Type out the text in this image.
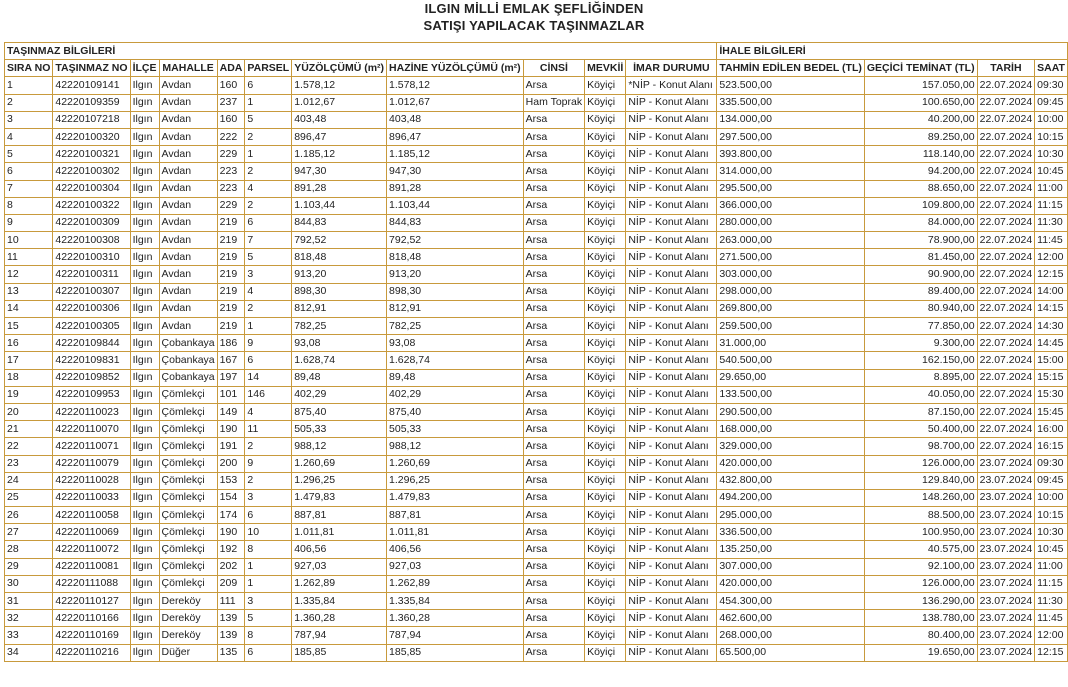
ILGIN MİLLİ EMLAK ŞEFLİĞİNDEN
SATIŞI YAPILACAK TAŞINMAZLAR
TAŞINMAZ BİLGİLERİ											İHALE BİLGİLERİ			
SIRA NO	TAŞINMAZ NO	İLÇE	MAHALLE	ADA	PARSEL	YÜZÖLÇÜMÜ (m²)	HAZİNE YÜZÖLÇÜMÜ (m²)	CİNSİ	MEVKİİ	İMAR DURUMU	TAHMİN EDİLEN BEDEL (TL)	GEÇİCİ TEMİNAT (TL)	TARİH	SAAT
1	42220109141	Ilgın	Avdan	160	6	1.578,12	1.578,12	Arsa	Köyiçi	*NİP - Konut Alanı	523.500,00	157.050,00	22.07.2024	09:30
2	42220109359	Ilgın	Avdan	237	1	1.012,67	1.012,67	Ham Toprak	Köyiçi	NİP - Konut Alanı	335.500,00	100.650,00	22.07.2024	09:45
3	42220107218	Ilgın	Avdan	160	5	403,48	403,48	Arsa	Köyiçi	NİP - Konut Alanı	134.000,00	40.200,00	22.07.2024	10:00
4	42220100320	Ilgın	Avdan	222	2	896,47	896,47	Arsa	Köyiçi	NİP - Konut Alanı	297.500,00	89.250,00	22.07.2024	10:15
5	42220100321	Ilgın	Avdan	229	1	1.185,12	1.185,12	Arsa	Köyiçi	NİP - Konut Alanı	393.800,00	118.140,00	22.07.2024	10:30
6	42220100302	Ilgın	Avdan	223	2	947,30	947,30	Arsa	Köyiçi	NİP - Konut Alanı	314.000,00	94.200,00	22.07.2024	10:45
7	42220100304	Ilgın	Avdan	223	4	891,28	891,28	Arsa	Köyiçi	NİP - Konut Alanı	295.500,00	88.650,00	22.07.2024	11:00
8	42220100322	Ilgın	Avdan	229	2	1.103,44	1.103,44	Arsa	Köyiçi	NİP - Konut Alanı	366.000,00	109.800,00	22.07.2024	11:15
9	42220100309	Ilgın	Avdan	219	6	844,83	844,83	Arsa	Köyiçi	NİP - Konut Alanı	280.000,00	84.000,00	22.07.2024	11:30
10	42220100308	Ilgın	Avdan	219	7	792,52	792,52	Arsa	Köyiçi	NİP - Konut Alanı	263.000,00	78.900,00	22.07.2024	11:45
11	42220100310	Ilgın	Avdan	219	5	818,48	818,48	Arsa	Köyiçi	NİP - Konut Alanı	271.500,00	81.450,00	22.07.2024	12:00
12	42220100311	Ilgın	Avdan	219	3	913,20	913,20	Arsa	Köyiçi	NİP - Konut Alanı	303.000,00	90.900,00	22.07.2024	12:15
13	42220100307	Ilgın	Avdan	219	4	898,30	898,30	Arsa	Köyiçi	NİP - Konut Alanı	298.000,00	89.400,00	22.07.2024	14:00
14	42220100306	Ilgın	Avdan	219	2	812,91	812,91	Arsa	Köyiçi	NİP - Konut Alanı	269.800,00	80.940,00	22.07.2024	14:15
15	42220100305	Ilgın	Avdan	219	1	782,25	782,25	Arsa	Köyiçi	NİP - Konut Alanı	259.500,00	77.850,00	22.07.2024	14:30
16	42220109844	Ilgın	Çobankaya	186	9	93,08	93,08	Arsa	Köyiçi	NİP - Konut Alanı	31.000,00	9.300,00	22.07.2024	14:45
17	42220109831	Ilgın	Çobankaya	167	6	1.628,74	1.628,74	Arsa	Köyiçi	NİP - Konut Alanı	540.500,00	162.150,00	22.07.2024	15:00
18	42220109852	Ilgın	Çobankaya	197	14	89,48	89,48	Arsa	Köyiçi	NİP - Konut Alanı	29.650,00	8.895,00	22.07.2024	15:15
19	42220109953	Ilgın	Çömlekçi	101	146	402,29	402,29	Arsa	Köyiçi	NİP - Konut Alanı	133.500,00	40.050,00	22.07.2024	15:30
20	42220110023	Ilgın	Çömlekçi	149	4	875,40	875,40	Arsa	Köyiçi	NİP - Konut Alanı	290.500,00	87.150,00	22.07.2024	15:45
21	42220110070	Ilgın	Çömlekçi	190	11	505,33	505,33	Arsa	Köyiçi	NİP - Konut Alanı	168.000,00	50.400,00	22.07.2024	16:00
22	42220110071	Ilgın	Çömlekçi	191	2	988,12	988,12	Arsa	Köyiçi	NİP - Konut Alanı	329.000,00	98.700,00	22.07.2024	16:15
23	42220110079	Ilgın	Çömlekçi	200	9	1.260,69	1.260,69	Arsa	Köyiçi	NİP - Konut Alanı	420.000,00	126.000,00	23.07.2024	09:30
24	42220110028	Ilgın	Çömlekçi	153	2	1.296,25	1.296,25	Arsa	Köyiçi	NİP - Konut Alanı	432.800,00	129.840,00	23.07.2024	09:45
25	42220110033	Ilgın	Çömlekçi	154	3	1.479,83	1.479,83	Arsa	Köyiçi	NİP - Konut Alanı	494.200,00	148.260,00	23.07.2024	10:00
26	42220110058	Ilgın	Çömlekçi	174	6	887,81	887,81	Arsa	Köyiçi	NİP - Konut Alanı	295.000,00	88.500,00	23.07.2024	10:15
27	42220110069	Ilgın	Çömlekçi	190	10	1.011,81	1.011,81	Arsa	Köyiçi	NİP - Konut Alanı	336.500,00	100.950,00	23.07.2024	10:30
28	42220110072	Ilgın	Çömlekçi	192	8	406,56	406,56	Arsa	Köyiçi	NİP - Konut Alanı	135.250,00	40.575,00	23.07.2024	10:45
29	42220110081	Ilgın	Çömlekçi	202	1	927,03	927,03	Arsa	Köyiçi	NİP - Konut Alanı	307.000,00	92.100,00	23.07.2024	11:00
30	42220111088	Ilgın	Çömlekçi	209	1	1.262,89	1.262,89	Arsa	Köyiçi	NİP - Konut Alanı	420.000,00	126.000,00	23.07.2024	11:15
31	42220110127	Ilgın	Dereköy	111	3	1.335,84	1.335,84	Arsa	Köyiçi	NİP - Konut Alanı	454.300,00	136.290,00	23.07.2024	11:30
32	42220110166	Ilgın	Dereköy	139	5	1.360,28	1.360,28	Arsa	Köyiçi	NİP - Konut Alanı	462.600,00	138.780,00	23.07.2024	11:45
33	42220110169	Ilgın	Dereköy	139	8	787,94	787,94	Arsa	Köyiçi	NİP - Konut Alanı	268.000,00	80.400,00	23.07.2024	12:00
34	42220110216	Ilgın	Düğer	135	6	185,85	185,85	Arsa	Köyiçi	NİP - Konut Alanı	65.500,00	19.650,00	23.07.2024	12:15
